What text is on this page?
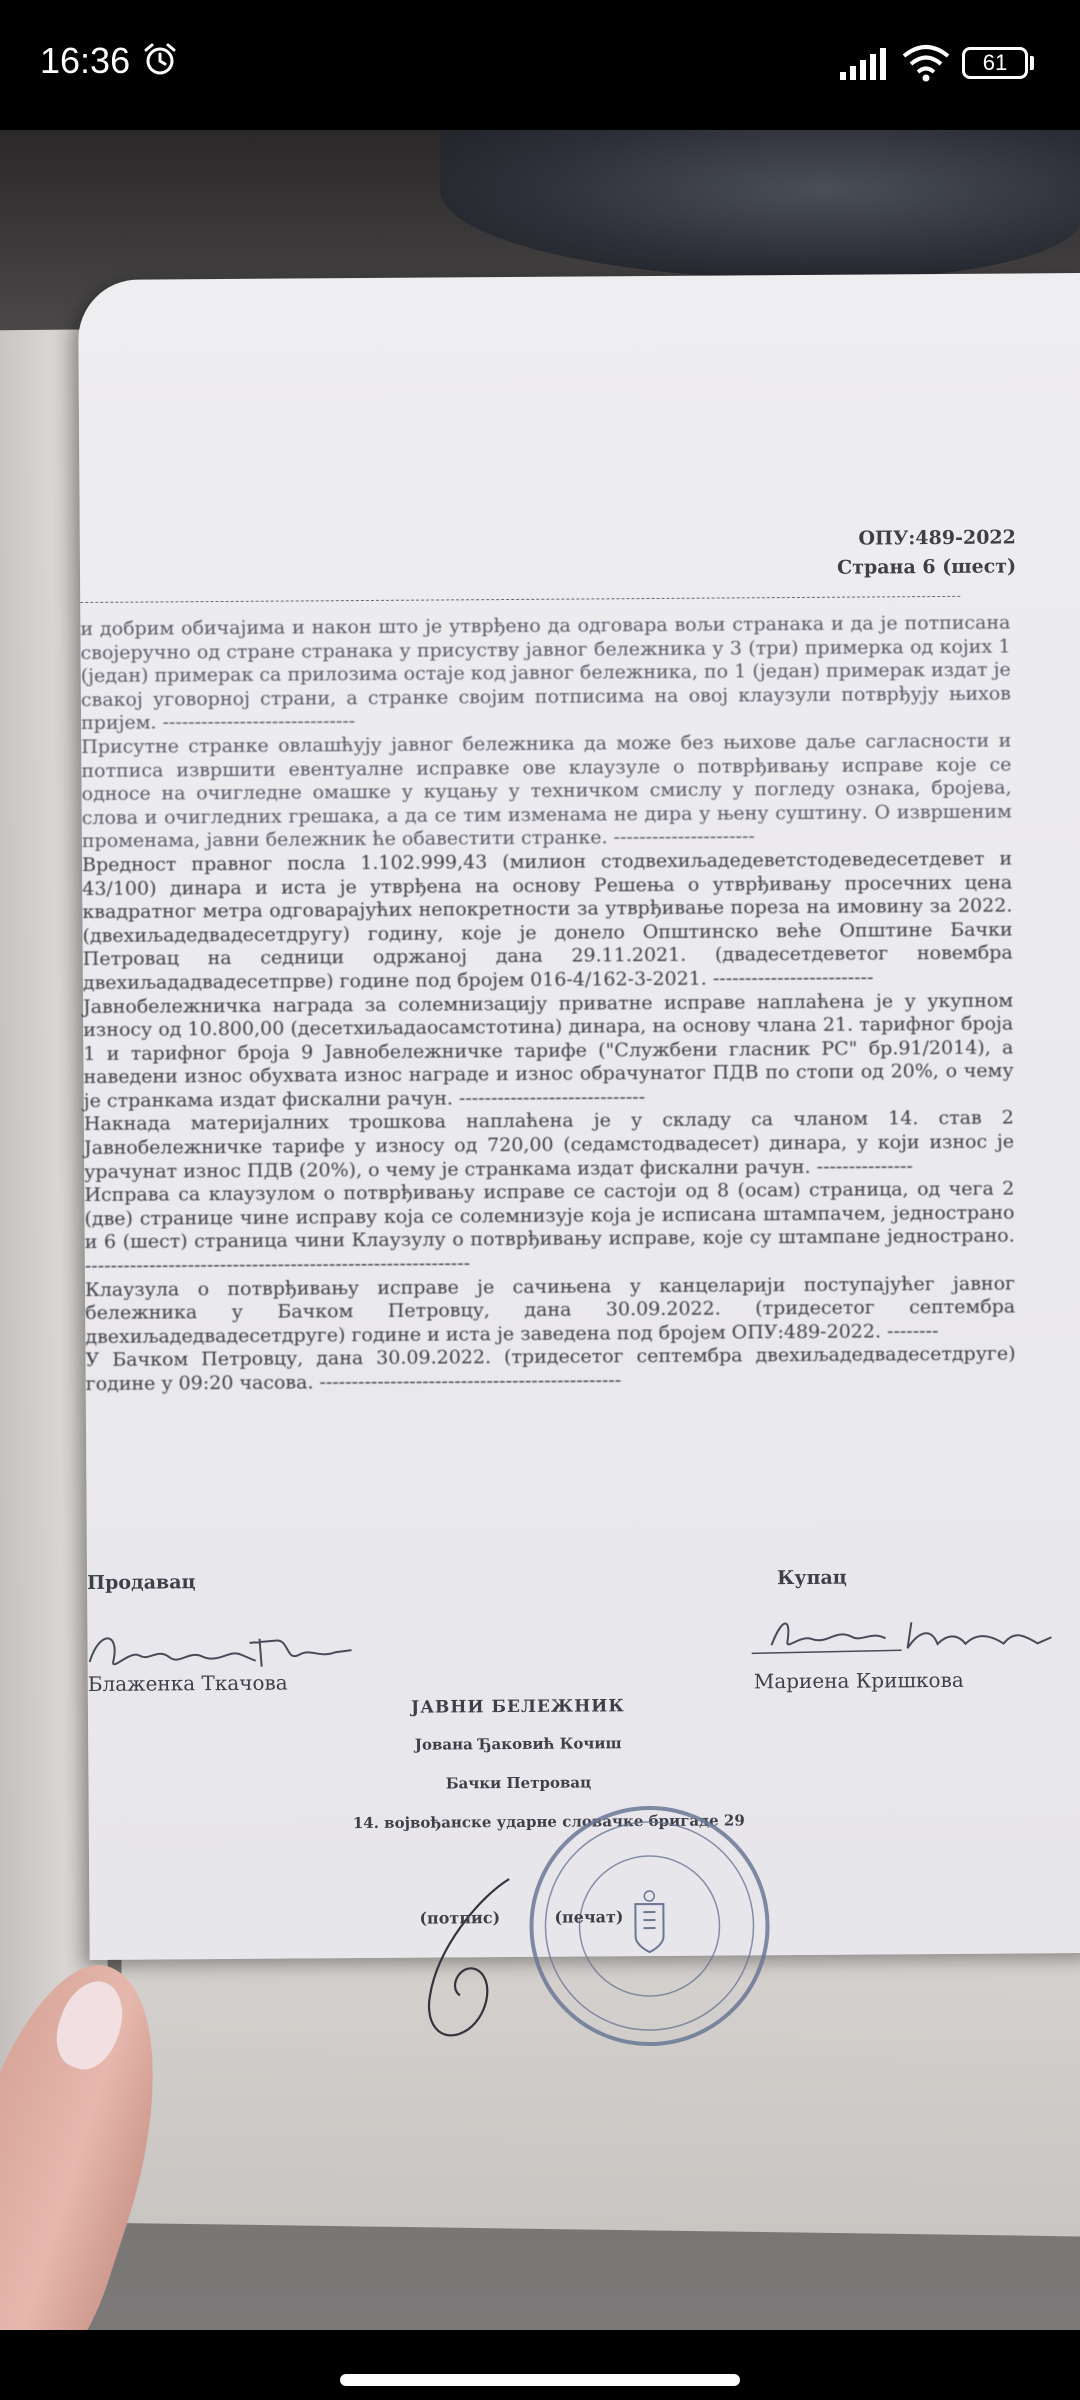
16:36	61
ОПУ:489-2022
Страна 6 (шест)

и добрим обичајима и након што је утврђено да одговара вољи странака и да је потписана својеручно од стране странака у присуству јавног бележника у 3 (три) примерка од којих 1 (један) примерак са прилозима остаје код јавног бележника, по 1 (један) примерак издат је свакој уговорној страни, а странке својим потписима на овој клаузули потврђују њихов пријем. ------------------------------

Присутне странке овлашћују јавног бележника да може без њихове даље сагласности и потписа извршити евентуалне исправке ове клаузуле о потврђивању исправе које се односе на очигледне омашке у куцању у техничком смислу у погледу ознака, бројева, слова и очигледних грешака, а да се тим изменама не дира у њену суштину. О извршеним променама, јавни бележник ће обавестити странке. ----------------------

Вредност правног посла 1.102.999,43 (милион стодвехиљадедеветстодеведесетдевет и 43/100) динара и иста је утврђена на основу Решења о утврђивању просечних цена квадратног метра одговарајућих непокретности за утврђивање пореза на имовину за 2022. (двехиљадедвадесетдругу) годину, које је донело Општинско веће Општине Бачки Петровац на седници одржаној дана 29.11.2021. (двадесетдеветог новембра двехиљададвадесетпрве) године под бројем 016-4/162-3-2021. -------------------------

Јавнобележничка награда за солемнизацију приватне исправе наплаћена је у укупном износу од 10.800,00 (десетхиљадаосамстотина) динара, на основу члана 21. тарифног броја 1 и тарифног броја 9 Јавнобележничке тарифе ("Службени гласник РС" бр.91/2014), а наведени износ обухвата износ награде и износ обрачунатог ПДВ по стопи од 20%, о чему је странкама издат фискални рачун. -----------------------------

Накнада материјалних трошкова наплаћена је у складу са чланом 14. став 2 Јавнобележничке тарифе у износу од 720,00 (седамстодвадесет) динара, у који износ је урачунат износ ПДВ (20%), о чему је странкама издат фискални рачун. ---------------

Исправа са клаузулом о потврђивању исправе се састоји од 8 (осам) страница, од чега 2 (две) странице чине исправу која се солемнизује која је исписана штампачем, једнострано и 6 (шест) страница чини Клаузулу о потврђивању исправе, које су штампане једнострано. ------------------------------------------------------------

Клаузула о потврђивању исправе је сачињена у канцеларији поступајућег јавног бележника у Бачком Петровцу, дана 30.09.2022. (тридесетог септембра двехиљадедвадесетдруге) године и иста је заведена под бројем ОПУ:489-2022. --------

У Бачком Петровцу, дана 30.09.2022. (тридесетог септембра двехиљадедвадесетдруге) године у 09:20 часова. -----------------------------------------------

Продавац	Купац
Блаженка Ткачова	Мариена Кришкова
ЈАВНИ БЕЛЕЖНИК
Јована Ђаковић Кочиш
Бачки Петровац
14. војвођанске ударне словачке бригаде 29
(потпис)	(печат)
